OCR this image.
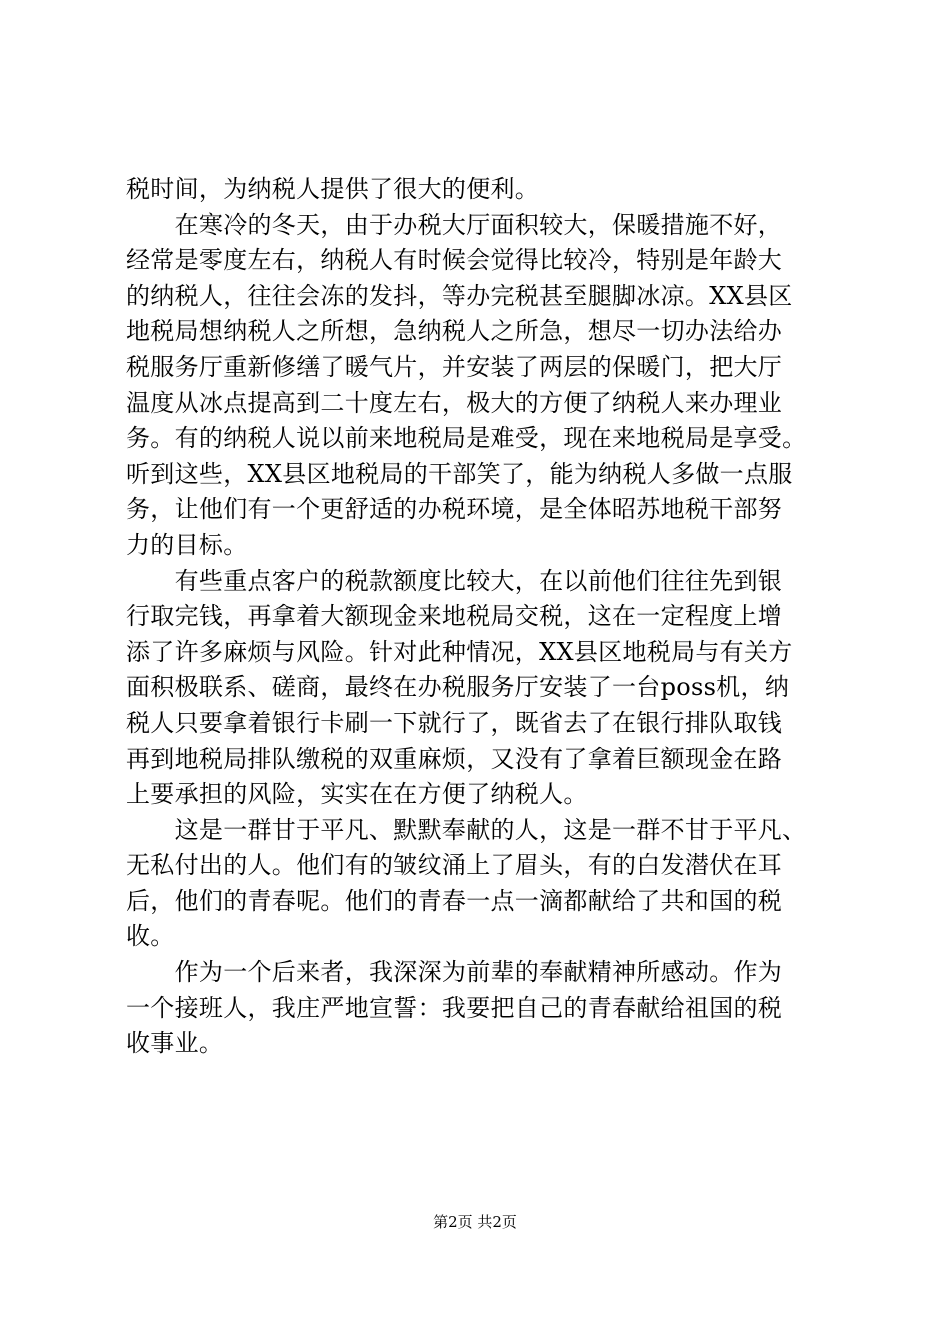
税时间，为纳税人提供了很大的便利。
　　在寒冷的冬天，由于办税大厅面积较大，保暖措施不好，
经常是零度左右，纳税人有时候会觉得比较冷，特别是年龄大
的纳税人，往往会冻的发抖，等办完税甚至腿脚冰凉。XX县区
地税局想纳税人之所想，急纳税人之所急，想尽一切办法给办
税服务厅重新修缮了暖气片，并安装了两层的保暖门，把大厅
温度从冰点提高到二十度左右，极大的方便了纳税人来办理业
务。有的纳税人说以前来地税局是难受，现在来地税局是享受。
听到这些，XX县区地税局的干部笑了，能为纳税人多做一点服
务，让他们有一个更舒适的办税环境，是全体昭苏地税干部努
力的目标。
　　有些重点客户的税款额度比较大，在以前他们往往先到银
行取完钱，再拿着大额现金来地税局交税，这在一定程度上增
添了许多麻烦与风险。针对此种情况，XX县区地税局与有关方
面积极联系、磋商，最终在办税服务厅安装了一台poss机，纳
税人只要拿着银行卡刷一下就行了，既省去了在银行排队取钱
再到地税局排队缴税的双重麻烦，又没有了拿着巨额现金在路
上要承担的风险，实实在在方便了纳税人。
　　这是一群甘于平凡、默默奉献的人，这是一群不甘于平凡、
无私付出的人。他们有的皱纹涌上了眉头，有的白发潜伏在耳
后，他们的青春呢。他们的青春一点一滴都献给了共和国的税
收。
　　作为一个后来者，我深深为前辈的奉献精神所感动。作为
一个接班人，我庄严地宣誓：我要把自己的青春献给祖国的税
收事业。
第2页 共2页
